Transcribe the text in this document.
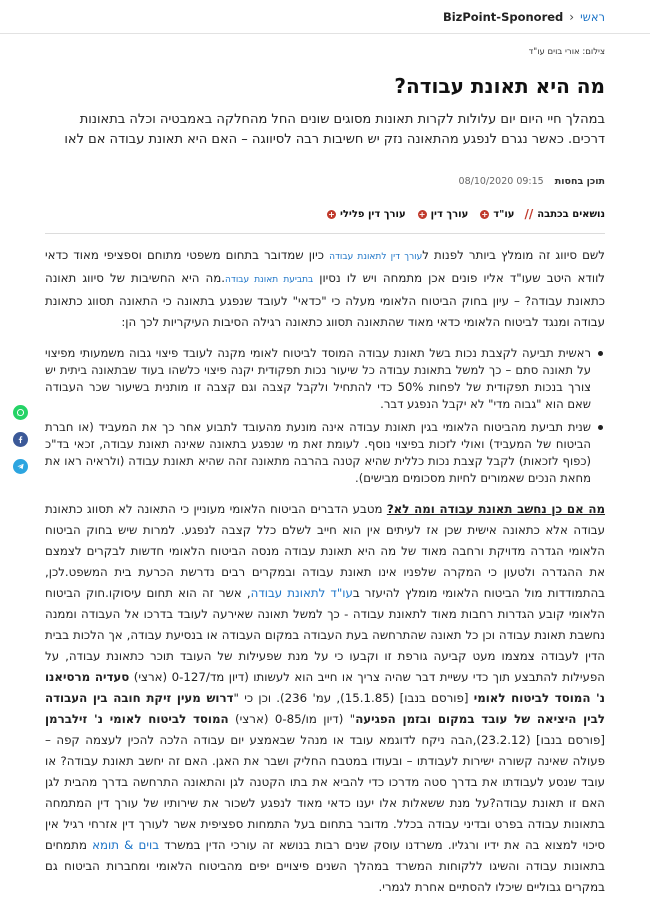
ראשי
‹
BizPoint-Sponored
צילום: אורי בוים עו"ד
מה היא תאונת עבודה?
במהלך חיי היום יום עלולות לקרות תאונות מסוגים שונים החל מהחלקה באמבטיה וכלה בתאונות דרכים. כאשר נגרם לנפגע מהתאונה נזק יש חשיבות רבה לסיווגה – האם היא תאונת עבודה אם לאו
תוכן בחסות 09:15 08/10/2020
נושאים בכתבה
//
עו"ד
+
עורך דין
+
עורך דין פלילי
+

לשם סיווג זה מומלץ ביותר לפנות לעורך דין לתאונת עבודה כיון שמדובר בתחום משפטי מתוחם וספציפי מאוד כדאי לוודא היטב שעו"ד אליו פונים אכן מתמחה ויש לו נסיון בתביעת תאונת עבודה.מה היא החשיבות של סיווג תאונה כתאונת עבודה? – עיון בחוק הביטוח הלאומי מעלה כי "כדאי" לעובד שנפגע בתאונה כי התאונה תסווג כתאונת עבודה ומנגד לביטוח הלאומי כדאי מאוד שהתאונה תסווג כתאונה רגילה הסיבות העיקריות לכך הן:

ראשית תביעה לקצבת נכות בשל תאונת עבודה המוסד לביטוח לאומי מקנה לעובד פיצוי גבוה משמעותי מפיצוי על תאונה סתם – כך למשל בתאונת עבודה כל שיעור נכות תפקודית יקנה פיצוי כלשהו בעוד שבתאונה ביתית יש צורך בנכות תפקודית של לפחות 50% כדי להתחיל ולקבל קצבה וגם קצבה זו מותנית בשיעור שכר העבודה שאם הוא "גבוה מדי" לא יקבל הנפגע דבר.
שנית תביעת מהביטוח הלאומי בגין תאונת עבודה אינה מונעת מהעובד לתבוע אחר כך את המעביד (או חברת הביטוח של המעביד) ואולי לזכות בפיצוי נוסף. לעומת זאת מי שנפגע בתאונה שאינה תאונת עבודה, זכאי בד"כ (כפוף לזכאות) לקבל קצבת נכות כללית שהיא קטנה בהרבה מתאונה זהה שהיא תאונת עבודה (ולראיה ראו את מחאת הנכים שאמורים לחיות מסכומים מבישים).

מה אם כן נחשב תאונת עבודה ומה לא? מטבע הדברים הביטוח הלאומי מעוניין כי התאונה לא תסווג כתאונת עבודה אלא כתאונה אישית שכן אז לעיתים אין הוא חייב לשלם כלל קצבה לנפגע. למרות שיש בחוק הביטוח הלאומי הגדרה מדויקת ורחבה מאוד של מה היא תאונת עבודה מנסה הביטוח הלאומי חדשות לבקרים לצמצם את ההגדרה ולטעון כי המקרה שלפניו אינו תאונת עבודה ובמקרים רבים נדרשת הכרעת בית המשפט.לכן, בהתמודדות מול הביטוח הלאומי מומלץ להיעזר בעו"ד לתאונת עבודה, אשר זה הוא תחום עיסוקו.חוק הביטוח הלאומי קובע הגדרות רחבות מאוד לתאונת עבודה - כך למשל תאונה שאירעה לעובד בדרכו אל העבודה וממנה נחשבת תאונת עבודה וכן כל תאונה שהתרחשה בעת העבודה במקום העבודה או בנסיעת עבודה, אך הלכות בבית הדין לעבודה צמצמו מעט קביעה גורפת זו וקבעו כי על מנת שפעילות של העובד תוכר כתאונת עבודה, על הפעילות להתבצע תוך כדי עשיית דבר שהיה צריך או חייב הוא לעשותו (דיון מד/0-127 (ארצי) סעדיה מרסיאנו נ' המוסד לביטוח לאומי [פורסם בנבו] (15.1.85), עמ' 236). וכן כי "דרוש מעין זיקת חובה בין העבודה לבין היציאה של עובד במקום ובזמן הפגיעה" (דיון מו/0-85 (ארצי) המוסד לביטוח לאומי נ' זילברמן [פורסם בנבו] (23.2.12),הבה ניקח לדוגמא עובד או מנהל שבאמצע יום עבודה הלכה להכין לעצמה קפה – פעולה שאינה קשורה ישירות לעבודתו – ובעודו במטבח החליק ושבר את האגן. האם זה יחשב תאונת עבודה? או עובד שנסע לעבודתו את בדרך סטה מדרכו כדי להביא את בתו הקטנה לגן והתאונה התרחשה בדרך מהבית לגן האם זו תאונת עבודה?על מנת ששאלות אלו יענו כדאי מאוד לנפגע לשכור את שירותיו של עורך דין המתמחה בתאונות עבודה בפרט ובדיני עבודה בכלל. מדובר בתחום בעל התמחות ספציפית אשר לעורך דין אזרחי רגיל אין סיכוי למצוא בה את ידיו ורגליו. משרדנו עוסק שנים רבות בנושא זה עורכי הדין במשרד בוים & תומא מתמחים בתאונות עבודה והשיגו ללקוחות המשרד במהלך השנים פיצויים יפים מהביטוח הלאומי ומחברות הביטוח גם במקרים גבוליים שיכלו להסתיים אחרת לגמרי.
